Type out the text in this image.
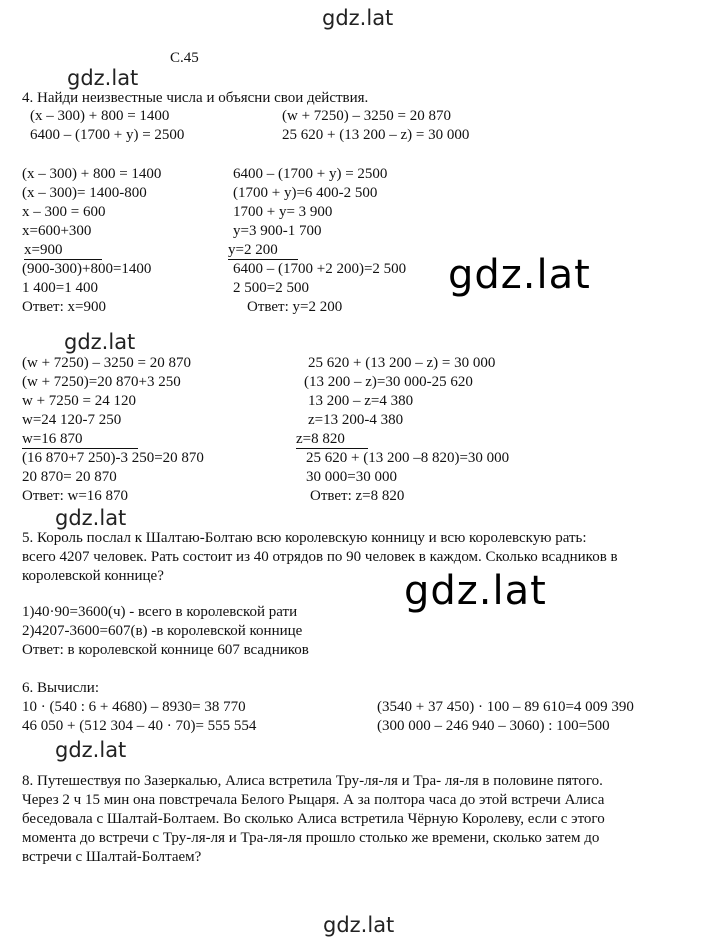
gdz.lat
gdz.lat
gdz.lat
gdz.lat
gdz.lat
gdz.lat
gdz.lat
gdz.lat
С.45
4. Найди неизвестные числа и объясни свои действия.
(x – 300) + 800 = 1400	(w + 7250) – 3250 = 20 870
6400 – (1700 + y) = 2500	25 620 + (13 200 – z) = 30 000
(x – 300) + 800 = 1400
(x – 300)= 1400-800
x – 300 = 600
x=600+300
x=900
(900-300)+800=1400
1 400=1 400
Ответ: x=900
6400 – (1700 + y) = 2500
(1700 + y)=6 400-2 500
1700 + y= 3 900
y=3 900-1 700
y=2 200
6400 – (1700 +2 200)=2 500
2 500=2 500
Ответ: y=2 200
(w + 7250) – 3250 = 20 870
(w + 7250)=20 870+3 250
w + 7250 = 24 120
w=24 120-7 250
w=16 870
(16 870+7 250)-3 250=20 870
20 870= 20 870
Ответ: w=16 870
25 620 + (13 200 – z) = 30 000
(13 200 – z)=30 000-25 620
13 200 – z=4 380
z=13 200-4 380
z=8 820
25 620 + (13 200 –8 820)=30 000
30 000=30 000
Ответ: z=8 820
5. Король послал к Шалтаю-Болтаю всю королевскую конницу и всю королевскую рать:
всего 4207 человек. Рать состоит из 40 отрядов по 90 человек в каждом. Сколько всадников в
королевской коннице?
1)40·90=3600(ч) - всего в королевской рати
2)4207-3600=607(в) -в королевской коннице
Ответ: в королевской коннице 607 всадников
6. Вычисли:
10 · (540 : 6 + 4680) – 8930= 38 770
46 050 + (512 304 – 40 · 70)= 555 554
(3540 + 37 450) · 100 – 89 610=4 009 390
(300 000 – 246 940 – 3060) : 100=500
8. Путешествуя по Зазеркалью, Алиса встретила Тру-ля-ля и Тра- ля-ля в половине пятого.
Через 2 ч 15 мин она повстречала Белого Рыцаря. А за полтора часа до этой встречи Алиса
беседовала с Шалтай-Болтаем. Во сколько Алиса встретила Чёрную Королеву, если с этого
момента до встречи с Тру-ля-ля и Тра-ля-ля прошло столько же времени, сколько затем до
встречи с Шалтай-Болтаем?
